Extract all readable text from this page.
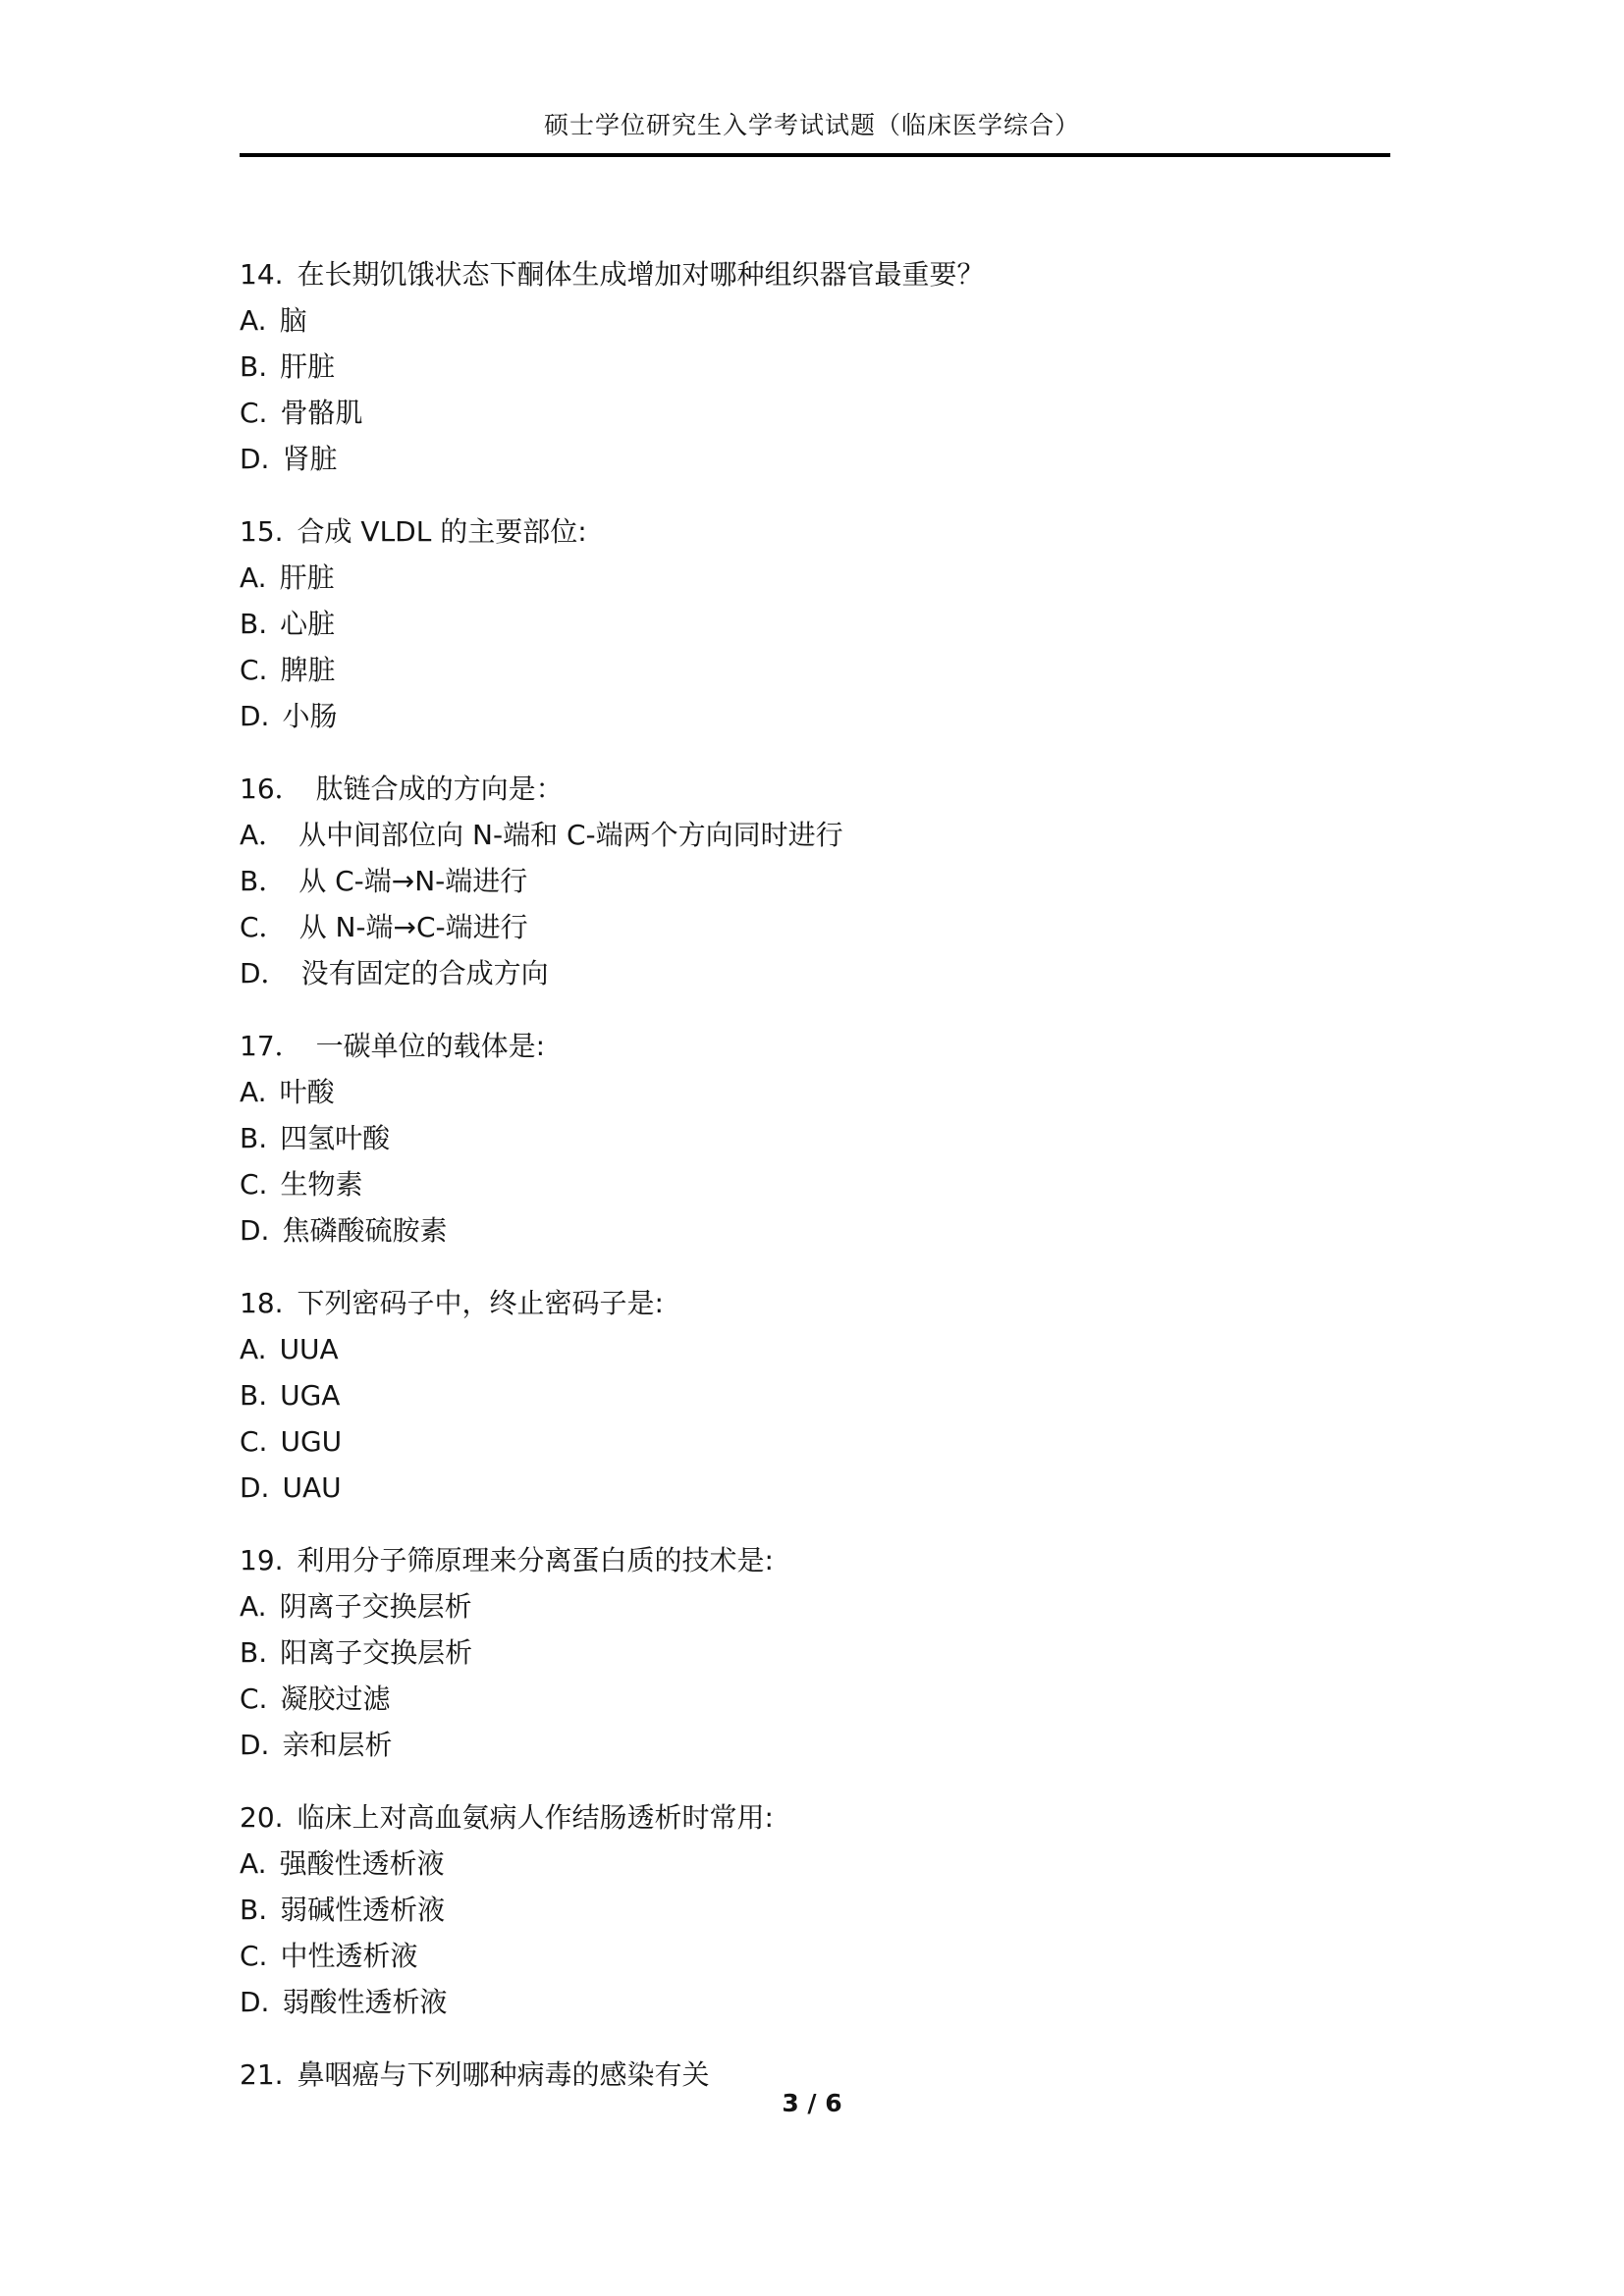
硕士学位研究生入学考试试题（临床医学综合）
14. 在长期饥饿状态下酮体生成增加对哪种组织器官最重要？
A. 脑
B. 肝脏
C. 骨骼肌
D. 肾脏
15. 合成 VLDL 的主要部位:
A. 肝脏
B. 心脏
C. 脾脏
D. 小肠
16． 肽链合成的方向是：
A． 从中间部位向 N-端和 C-端两个方向同时进行
B． 从 C-端→N-端进行
C． 从 N-端→C-端进行
D． 没有固定的合成方向
17． 一碳单位的载体是:
A. 叶酸
B. 四氢叶酸
C. 生物素
D. 焦磷酸硫胺素
18. 下列密码子中，终止密码子是:
A. UUA
B. UGA
C. UGU
D. UAU
19. 利用分子筛原理来分离蛋白质的技术是:
A. 阴离子交换层析
B. 阳离子交换层析
C. 凝胶过滤
D. 亲和层析
20. 临床上对高血氨病人作结肠透析时常用:
A. 强酸性透析液
B. 弱碱性透析液
C. 中性透析液
D. 弱酸性透析液
21. 鼻咽癌与下列哪种病毒的感染有关
3 / 6
